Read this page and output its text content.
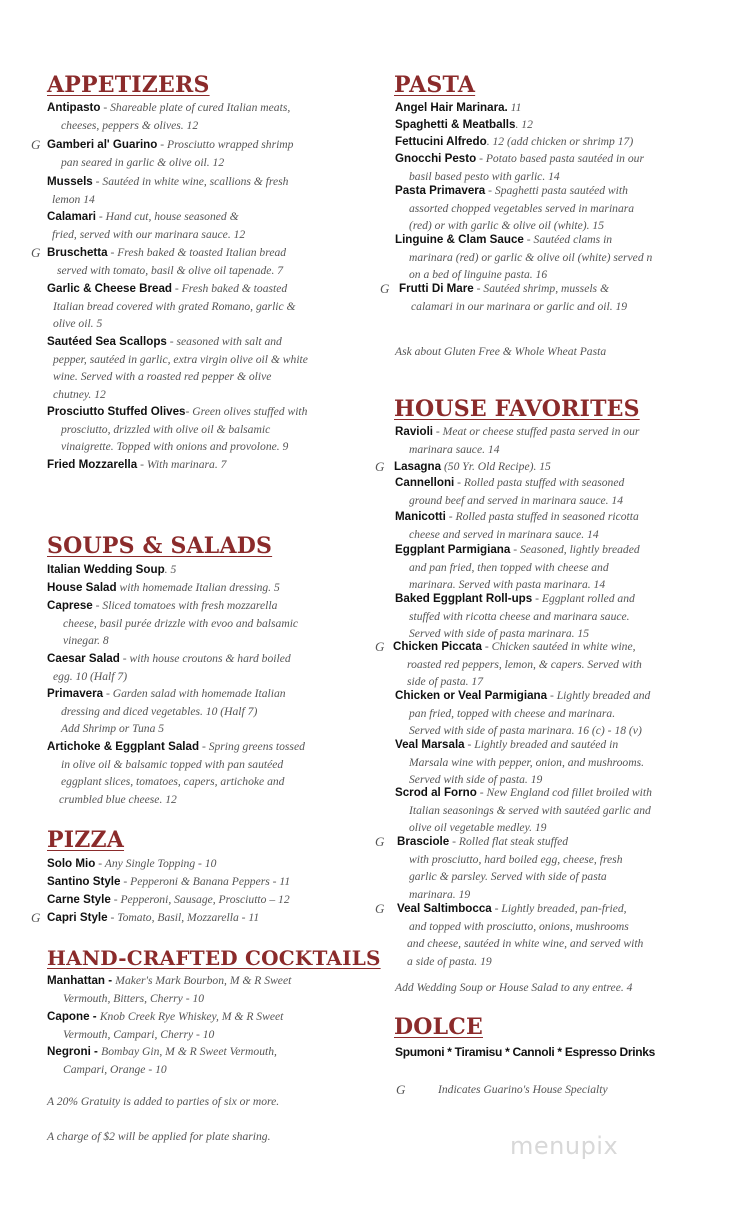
APPETIZERS
Antipasto - Shareable plate of cured Italian meats,
cheeses, peppers & olives. 12
G Gamberi al' Guarino - Prosciutto wrapped shrimp
pan seared in garlic & olive oil. 12
Mussels - Sautéed in white wine, scallions & fresh
lemon 14
Calamari - Hand cut, house seasoned &
fried, served with our marinara sauce. 12
G Bruschetta - Fresh baked & toasted Italian bread
served with tomato, basil & olive oil tapenade. 7
Garlic & Cheese Bread - Fresh baked & toasted
Italian bread covered with grated Romano, garlic &
olive oil. 5
Sautéed Sea Scallops - seasoned with salt and
pepper, sautéed in garlic, extra virgin olive oil & white
wine. Served with a roasted red pepper & olive
chutney. 12
Prosciutto Stuffed Olives- Green olives stuffed with
prosciutto, drizzled with olive oil & balsamic
vinaigrette. Topped with onions and provolone. 9
Fried Mozzarella - With marinara. 7
SOUPS & SALADS
Italian Wedding Soup. 5
House Salad with homemade Italian dressing. 5
Caprese - Sliced tomatoes with fresh mozzarella
cheese, basil purée drizzle with evoo and balsamic
vinegar. 8
Caesar Salad - with house croutons & hard boiled
egg. 10 (Half 7)
Primavera - Garden salad with homemade Italian
dressing and diced vegetables. 10 (Half 7)
Add Shrimp or Tuna 5
Artichoke & Eggplant Salad - Spring greens tossed
in olive oil & balsamic topped with pan sautéed
eggplant slices, tomatoes, capers, artichoke and
crumbled blue cheese. 12
PIZZA
Solo Mio - Any Single Topping - 10
Santino Style - Pepperoni & Banana Peppers - 11
Carne Style - Pepperoni, Sausage, Prosciutto – 12
G Capri Style - Tomato, Basil, Mozzarella - 11
HAND-CRAFTED COCKTAILS
Manhattan - Maker's Mark Bourbon, M & R Sweet
Vermouth, Bitters, Cherry - 10
Capone - Knob Creek Rye Whiskey, M & R Sweet
Vermouth, Campari, Cherry - 10
Negroni - Bombay Gin, M & R Sweet Vermouth,
Campari, Orange - 10

A 20% Gratuity is added to parties of six or more.

A charge of $2 will be applied for plate sharing.

PASTA
Angel Hair Marinara. 11
Spaghetti & Meatballs. 12
Fettucini Alfredo. 12 (add chicken or shrimp 17)
Gnocchi Pesto - Potato based pasta sautéed in our
basil based pesto with garlic. 14
Pasta Primavera - Spaghetti pasta sautéed with
assorted chopped vegetables served in marinara
(red) or with garlic & olive oil (white). 15
Linguine & Clam Sauce - Sautéed clams in
marinara (red) or garlic & olive oil (white) served n
on a bed of linguine pasta. 16
G Frutti Di Mare - Sautéed shrimp, mussels &
calamari in our marinara or garlic and oil. 19

Ask about Gluten Free & Whole Wheat Pasta

HOUSE FAVORITES
Ravioli - Meat or cheese stuffed pasta served in our
marinara sauce. 14
G Lasagna (50 Yr. Old Recipe). 15
Cannelloni - Rolled pasta stuffed with seasoned
ground beef and served in marinara sauce. 14
Manicotti - Rolled pasta stuffed in seasoned ricotta
cheese and served in marinara sauce. 14
Eggplant Parmigiana - Seasoned, lightly breaded
and pan fried, then topped with cheese and
marinara. Served with pasta marinara. 14
Baked Eggplant Roll-ups - Eggplant rolled and
stuffed with ricotta cheese and marinara sauce.
Served with side of pasta marinara. 15
G Chicken Piccata - Chicken sautéed in white wine,
roasted red peppers, lemon, & capers. Served with
side of pasta. 17
Chicken or Veal Parmigiana - Lightly breaded and
pan fried, topped with cheese and marinara.
Served with side of pasta marinara. 16 (c) - 18 (v)
Veal Marsala - Lightly breaded and sautéed in
Marsala wine with pepper, onion, and mushrooms.
Served with side of pasta. 19
Scrod al Forno - New England cod fillet broiled with
Italian seasonings & served with sautéed garlic and
olive oil vegetable medley. 19
G Brasciole - Rolled flat steak stuffed
with prosciutto, hard boiled egg, cheese, fresh
garlic & parsley. Served with side of pasta
marinara. 19
G Veal Saltimbocca - Lightly breaded, pan-fried,
and topped with prosciutto, onions, mushrooms
and cheese, sautéed in white wine, and served with
a side of pasta. 19

Add Wedding Soup or House Salad to any entree. 4

DOLCE

Spumoni * Tiramisu * Cannoli * Espresso Drinks

G	Indicates Guarino's House Specialty

menupix
